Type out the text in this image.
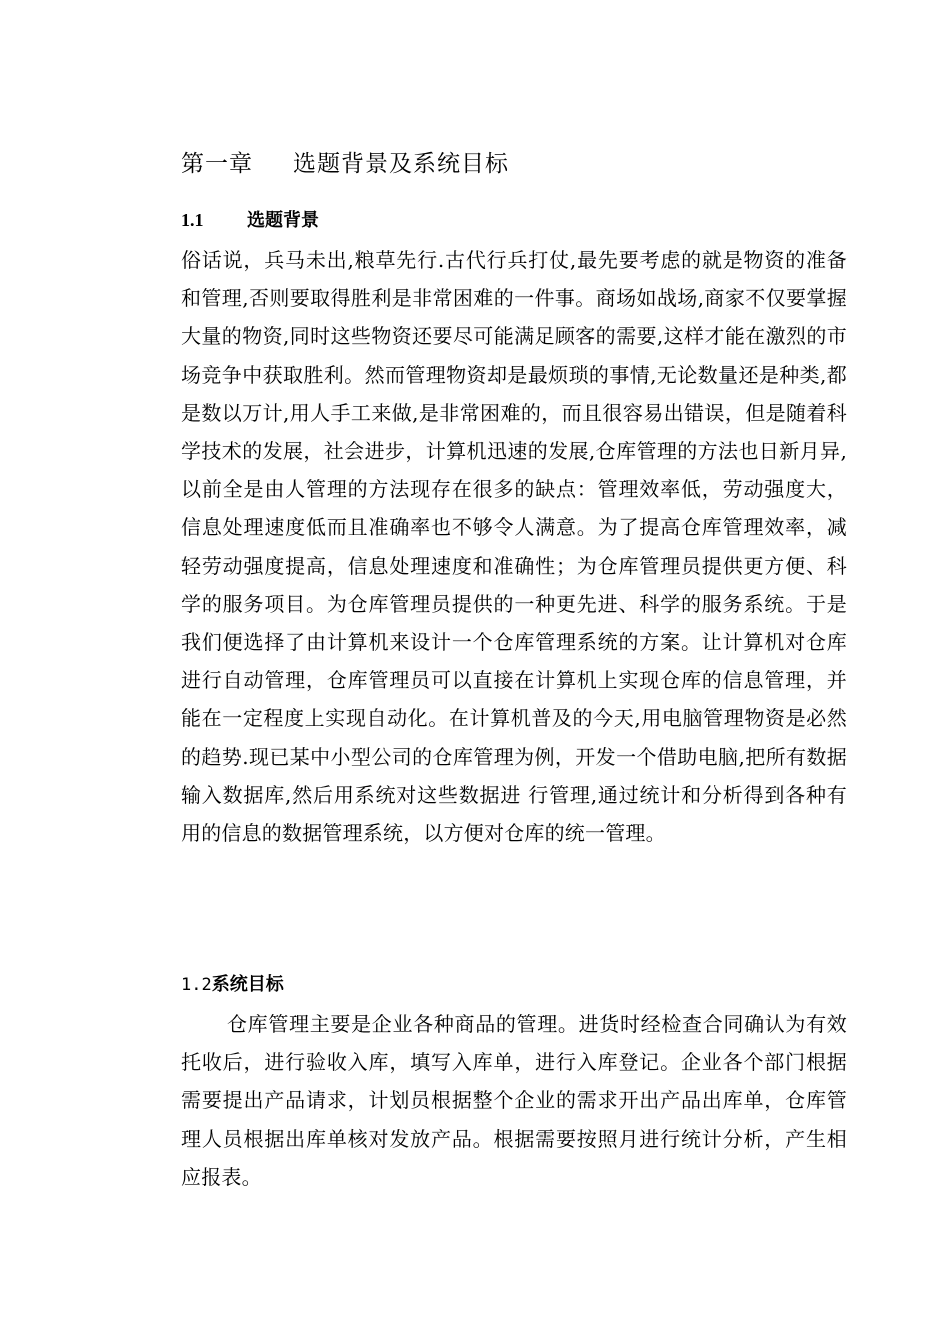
第一章 选题背景及系统目标
1.1 选题背景

俗话说，兵马未出,粮草先行.古代行兵打仗,最先要考虑的就是物资的准备和管理,否则要取得胜利是非常困难的一件事。商场如战场,商家不仅要掌握大量的物资,同时这些物资还要尽可能满足顾客的需要,这样才能在激烈的市场竞争中获取胜利。然而管理物资却是最烦琐的事情,无论数量还是种类,都是数以万计,用人手工来做,是非常困难的，而且很容易出错误，但是随着科学技术的发展，社会进步，计算机迅速的发展,仓库管理的方法也日新月异,以前全是由人管理的方法现存在很多的缺点：管理效率低，劳动强度大，信息处理速度低而且准确率也不够令人满意。为了提高仓库管理效率，减轻劳动强度提高，信息处理速度和准确性；为仓库管理员提供更方便、科学的服务项目。为仓库管理员提供的一种更先进、科学的服务系统。于是我们便选择了由计算机来设计一个仓库管理系统的方案。让计算机对仓库进行自动管理，仓库管理员可以直接在计算机上实现仓库的信息管理，并能在一定程度上实现自动化。在计算机普及的今天,用电脑管理物资是必然的趋势.现已某中小型公司的仓库管理为例，开发一个借助电脑,把所有数据输入数据库,然后用系统对这些数据进 行管理,通过统计和分析得到各种有用的信息的数据管理系统，以方便对仓库的统一管理。

1.2系统目标

仓库管理主要是企业各种商品的管理。进货时经检查合同确认为有效托收后，进行验收入库，填写入库单，进行入库登记。企业各个部门根据需要提出产品请求，计划员根据整个企业的需求开出产品出库单，仓库管理人员根据出库单核对发放产品。根据需要按照月进行统计分析，产生相应报表。
